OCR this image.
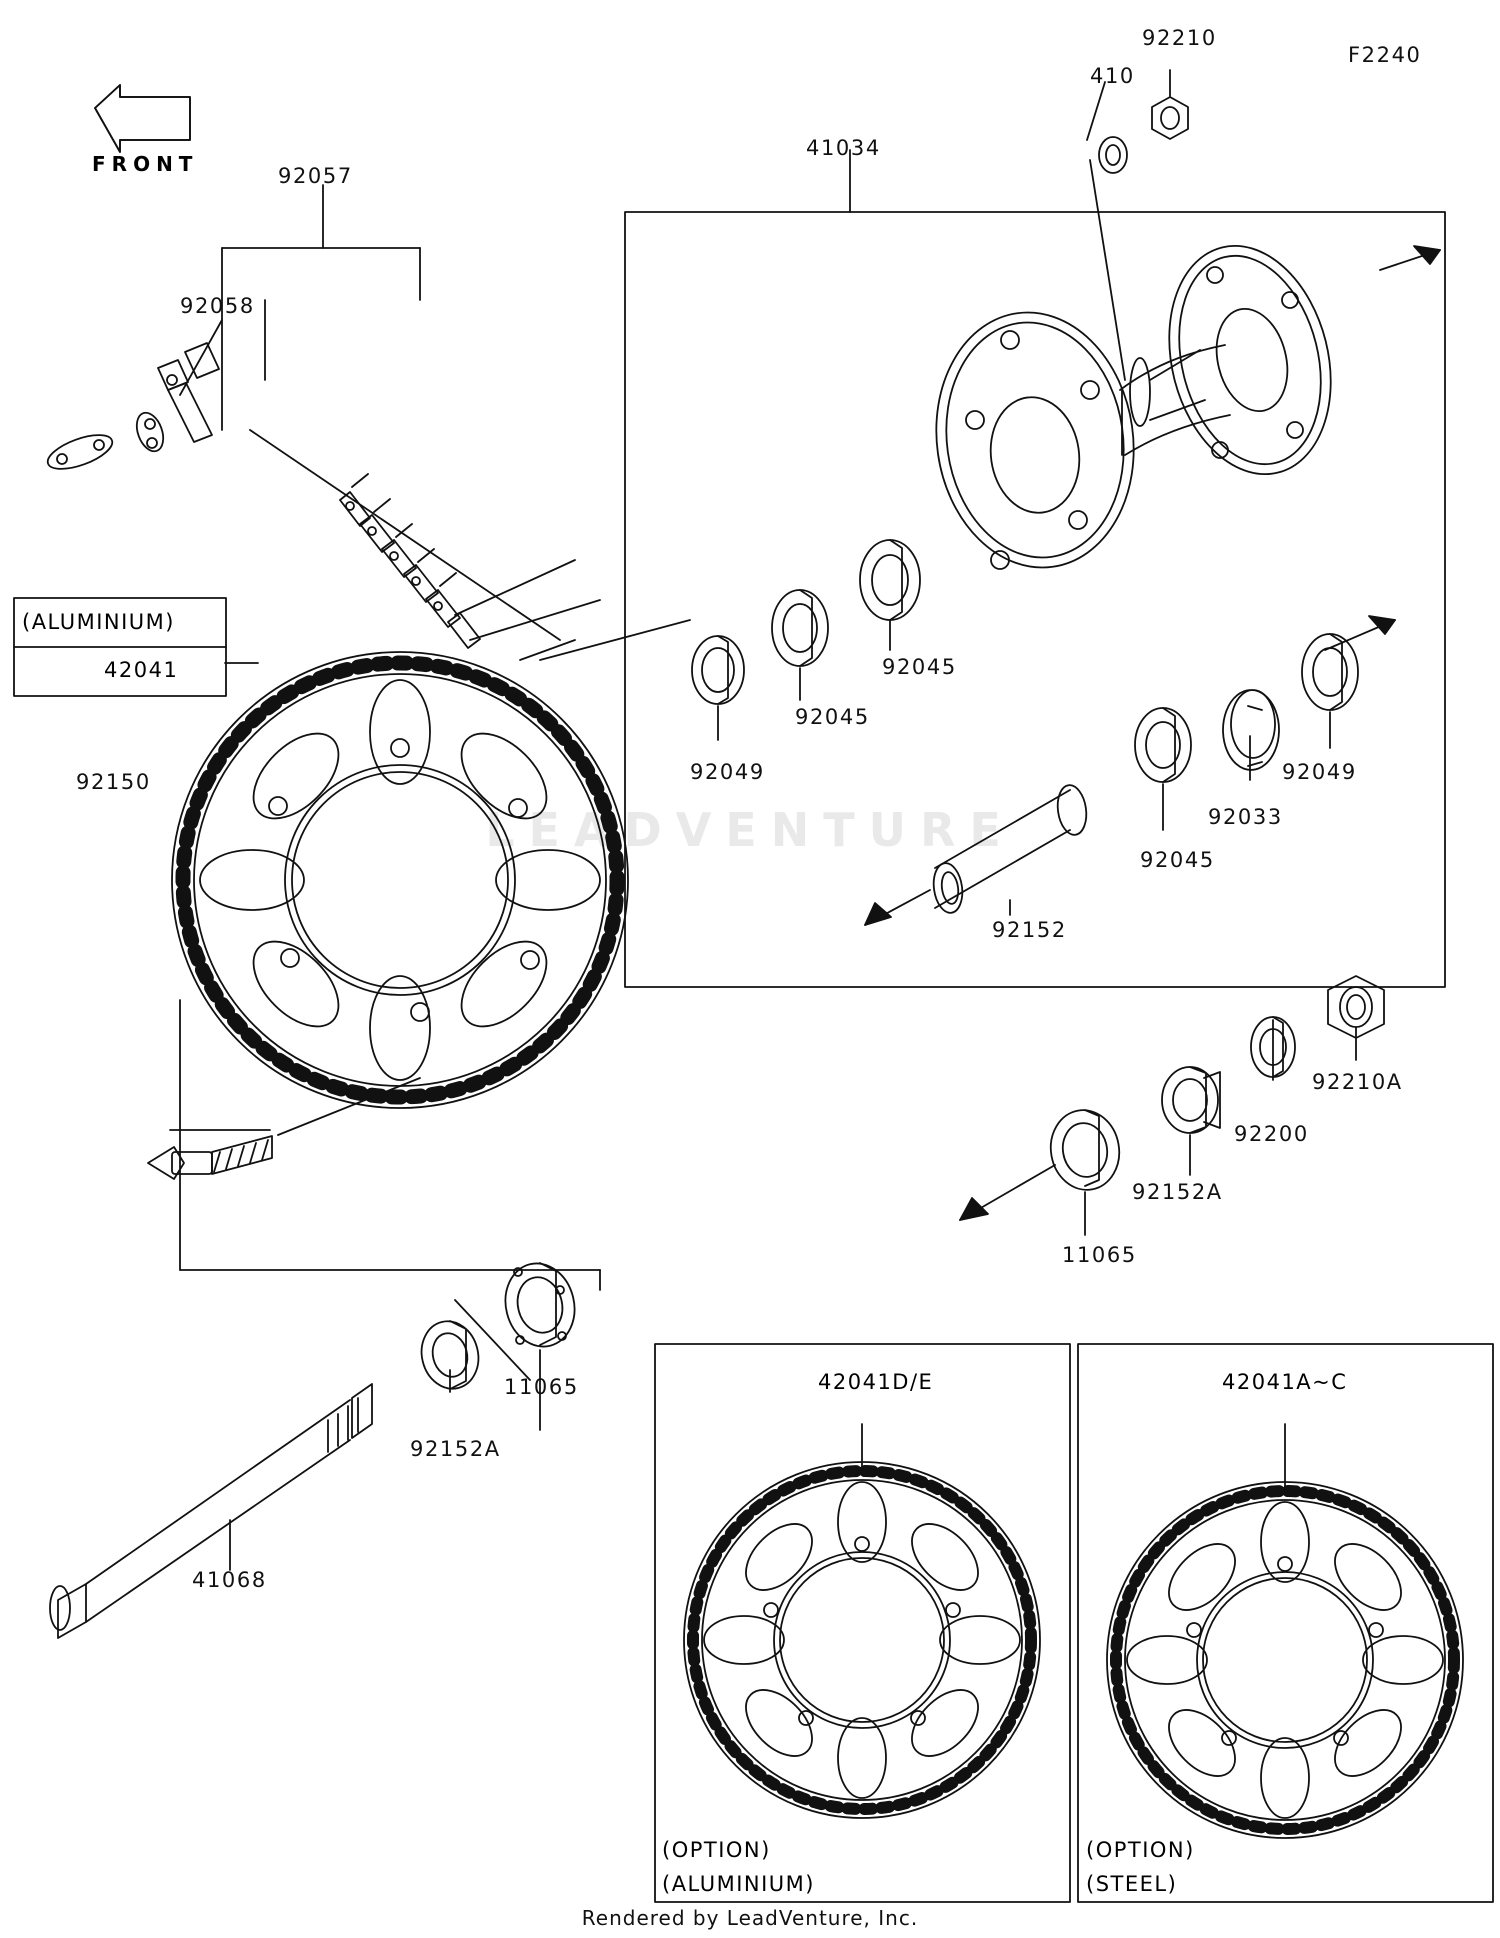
LEADVENTURE
92210
410
F2240
41034
92057
92058
92045
92045
92049	92049
92033
92045
92152
92150
92210A
92200
92152A
11065
11065
92152A
41068
(ALUMINIUM)
42041
42041D/E
(OPTION)
(ALUMINIUM)
42041A~C
(OPTION)
(STEEL)
FRONT
Rendered by LeadVenture, Inc.
